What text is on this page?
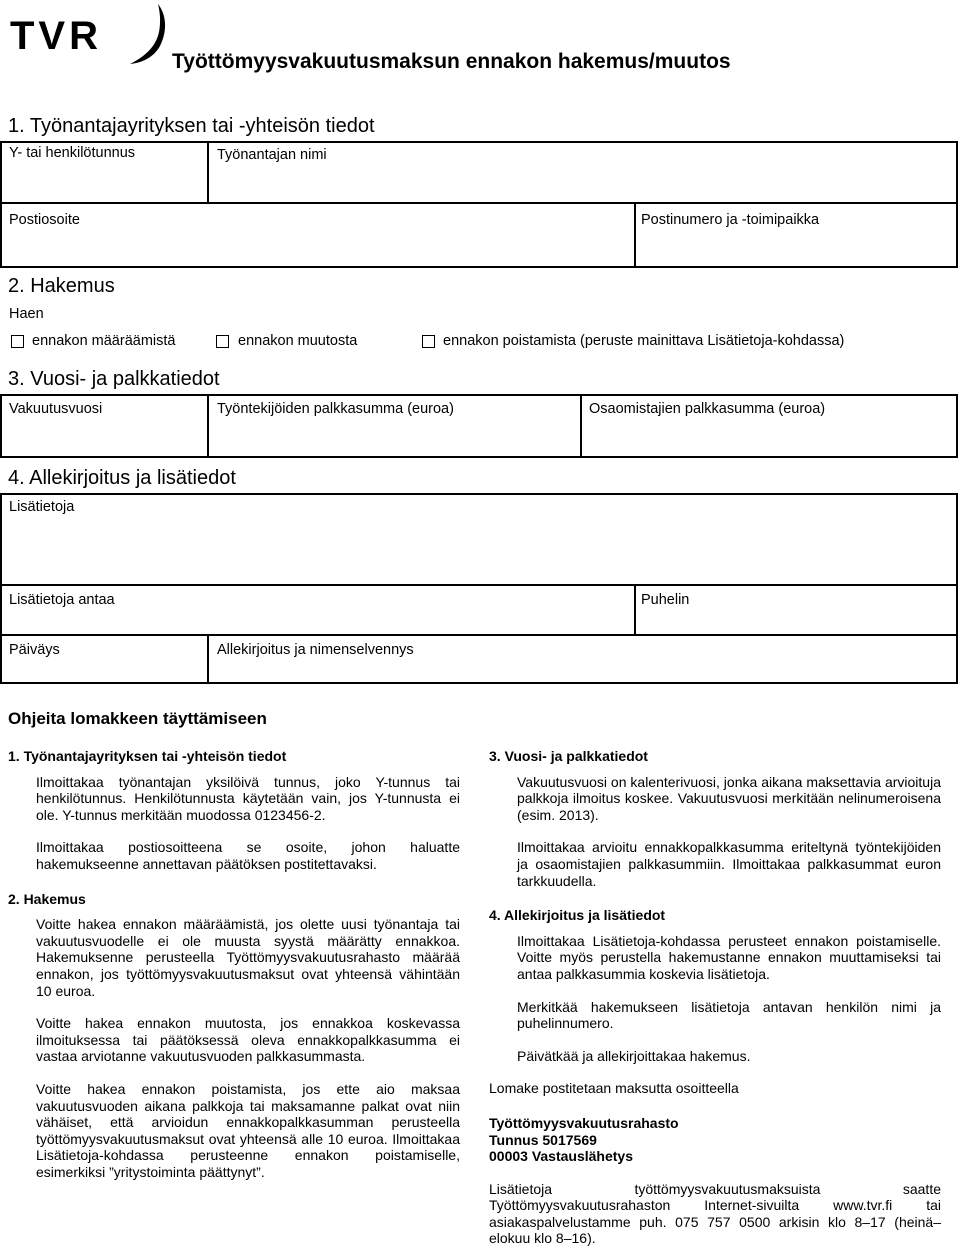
TVR
Työttömyysvakuutusmaksun ennakon hakemus/muutos
1. Työnantajayrityksen tai -yhteisön tiedot
Y- tai henkilötunnus	Työnantajan nimi
Postiosoite	Postinumero ja -toimipaikka
2. Hakemus
Haen
ennakon määräämistä	ennakon muutosta	ennakon poistamista (peruste mainittava Lisätietoja-kohdassa)
3. Vuosi- ja palkkatiedot
Vakuutusvuosi	Työntekijöiden palkkasumma (euroa)	Osaomistajien palkkasumma (euroa)
4. Allekirjoitus ja lisätiedot
Lisätietoja
Lisätietoja antaa	Puhelin
Päiväys	Allekirjoitus ja nimenselvennys
Ohjeita lomakkeen täyttämiseen

1. Työnantajayrityksen tai -yhteisön tiedot

Ilmoittakaa työnantajan yksilöivä tunnus, joko Y-tunnus tai henkilötunnus. Henkilötunnusta käytetään vain, jos Y-tunnusta ei ole. Y-tunnus merkitään muodossa 0123456-2.

Ilmoittakaa postiosoitteena se osoite, johon haluatte hakemukseenne annettavan päätöksen postitettavaksi.

2. Hakemus

Voitte hakea ennakon määräämistä, jos olette uusi työnantaja tai vakuutusvuodelle ei ole muusta syystä määrätty ennakkoa. Hakemuksenne perusteella Työttömyysvakuutusrahasto määrää ennakon, jos työttömyysvakuutusmaksut ovat yhteensä vähintään 10 euroa.

Voitte hakea ennakon muutosta, jos ennakkoa koskevassa ilmoituksessa tai päätöksessä oleva ennakkopalkkasumma ei vastaa arviotanne vakuutusvuoden palkkasummasta.

Voitte hakea ennakon poistamista, jos ette aio maksaa vakuutusvuoden aikana palkkoja tai maksamanne palkat ovat niin vähäiset, että arvioidun ennakkopalkkasumman perusteella työttömyysvakuutusmaksut ovat yhteensä alle 10 euroa. Ilmoittakaa Lisätietoja-kohdassa perusteenne ennakon poistamiselle, esimerkiksi ”yritystoiminta päättynyt”.

3. Vuosi- ja palkkatiedot

Vakuutusvuosi on kalenterivuosi, jonka aikana maksettavia arvioituja palkkoja ilmoitus koskee. Vakuutusvuosi merkitään nelinumeroisena (esim. 2013).

Ilmoittakaa arvioitu ennakkopalkkasumma eriteltynä työntekijöiden ja osaomistajien palkkasummiin. Ilmoittakaa palkkasummat euron tarkkuudella.

4. Allekirjoitus ja lisätiedot

Ilmoittakaa Lisätietoja-kohdassa perusteet ennakon poistamiselle. Voitte myös perustella hakemustanne ennakon muuttamiseksi tai antaa palkkasummia koskevia lisätietoja.

Merkitkää hakemukseen lisätietoja antavan henkilön nimi ja puhelinnumero.

Päivätkää ja allekirjoittakaa hakemus.

Lomake postitetaan maksutta osoitteella

Työttömyysvakuutusrahasto

Tunnus 5017569

00003 Vastauslähetys

Lisätietoja työttömyysvakuutusmaksuista saatte Työttömyysvakuutusrahaston Internet-sivuilta www.tvr.fi tai asiakaspalvelustamme puh. 075 757 0500 arkisin klo 8–17 (heinä–elokuu klo 8–16).
